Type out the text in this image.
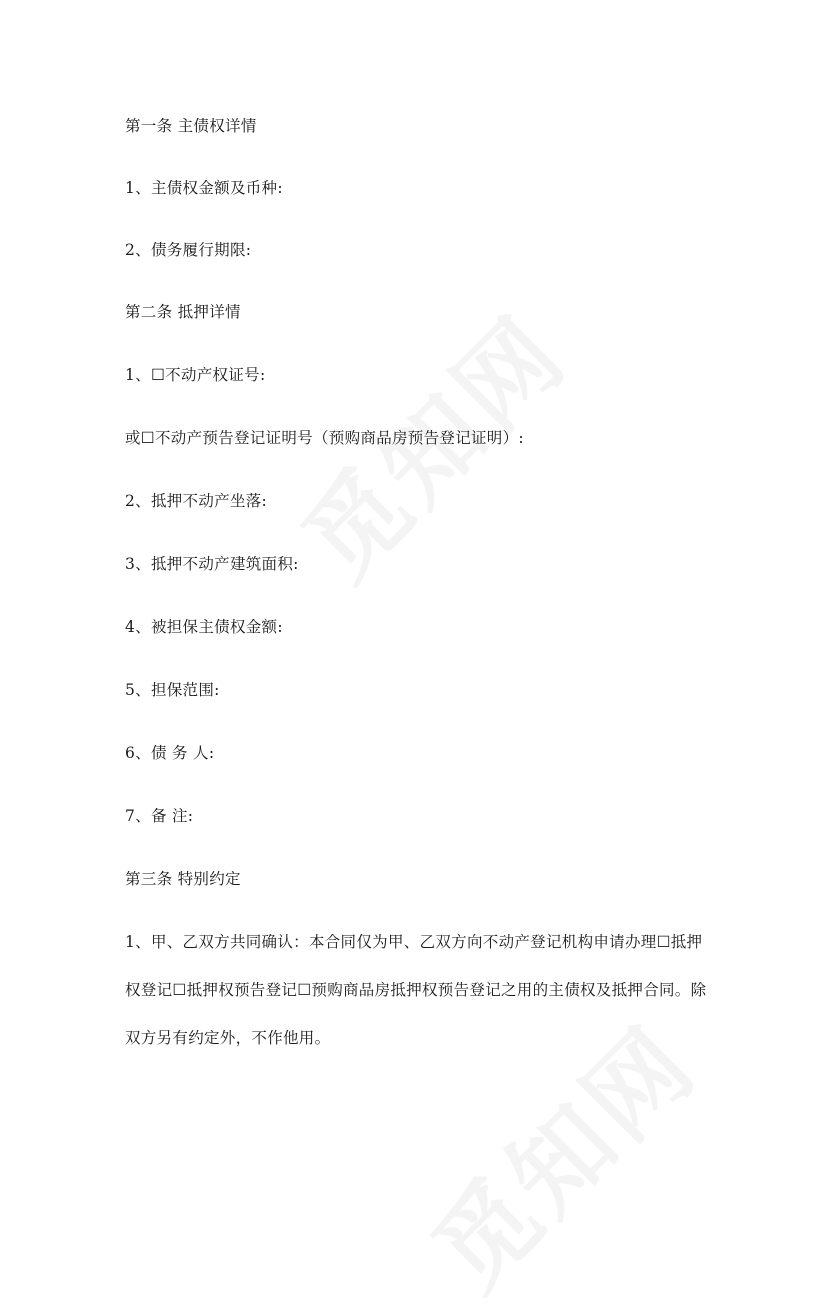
第一条 主债权详情
1、主债权金额及币种:
2、债务履行期限:
第二条 抵押详情
1、☐不动产权证号:
或☐不动产预告登记证明号（预购商品房预告登记证明）:
2、抵押不动产坐落:
3、抵押不动产建筑面积:
4、被担保主债权金额:
5、担保范围:
6、债 务 人:
7、备 注:
第三条 特别约定
1、甲、乙双方共同确认：本合同仅为甲、乙双方向不动产登记机构申请办理☐抵押权登记☐抵押权预告登记☐预购商品房抵押权预告登记之用的主债权及抵押合同。除双方另有约定外，不作他用。
